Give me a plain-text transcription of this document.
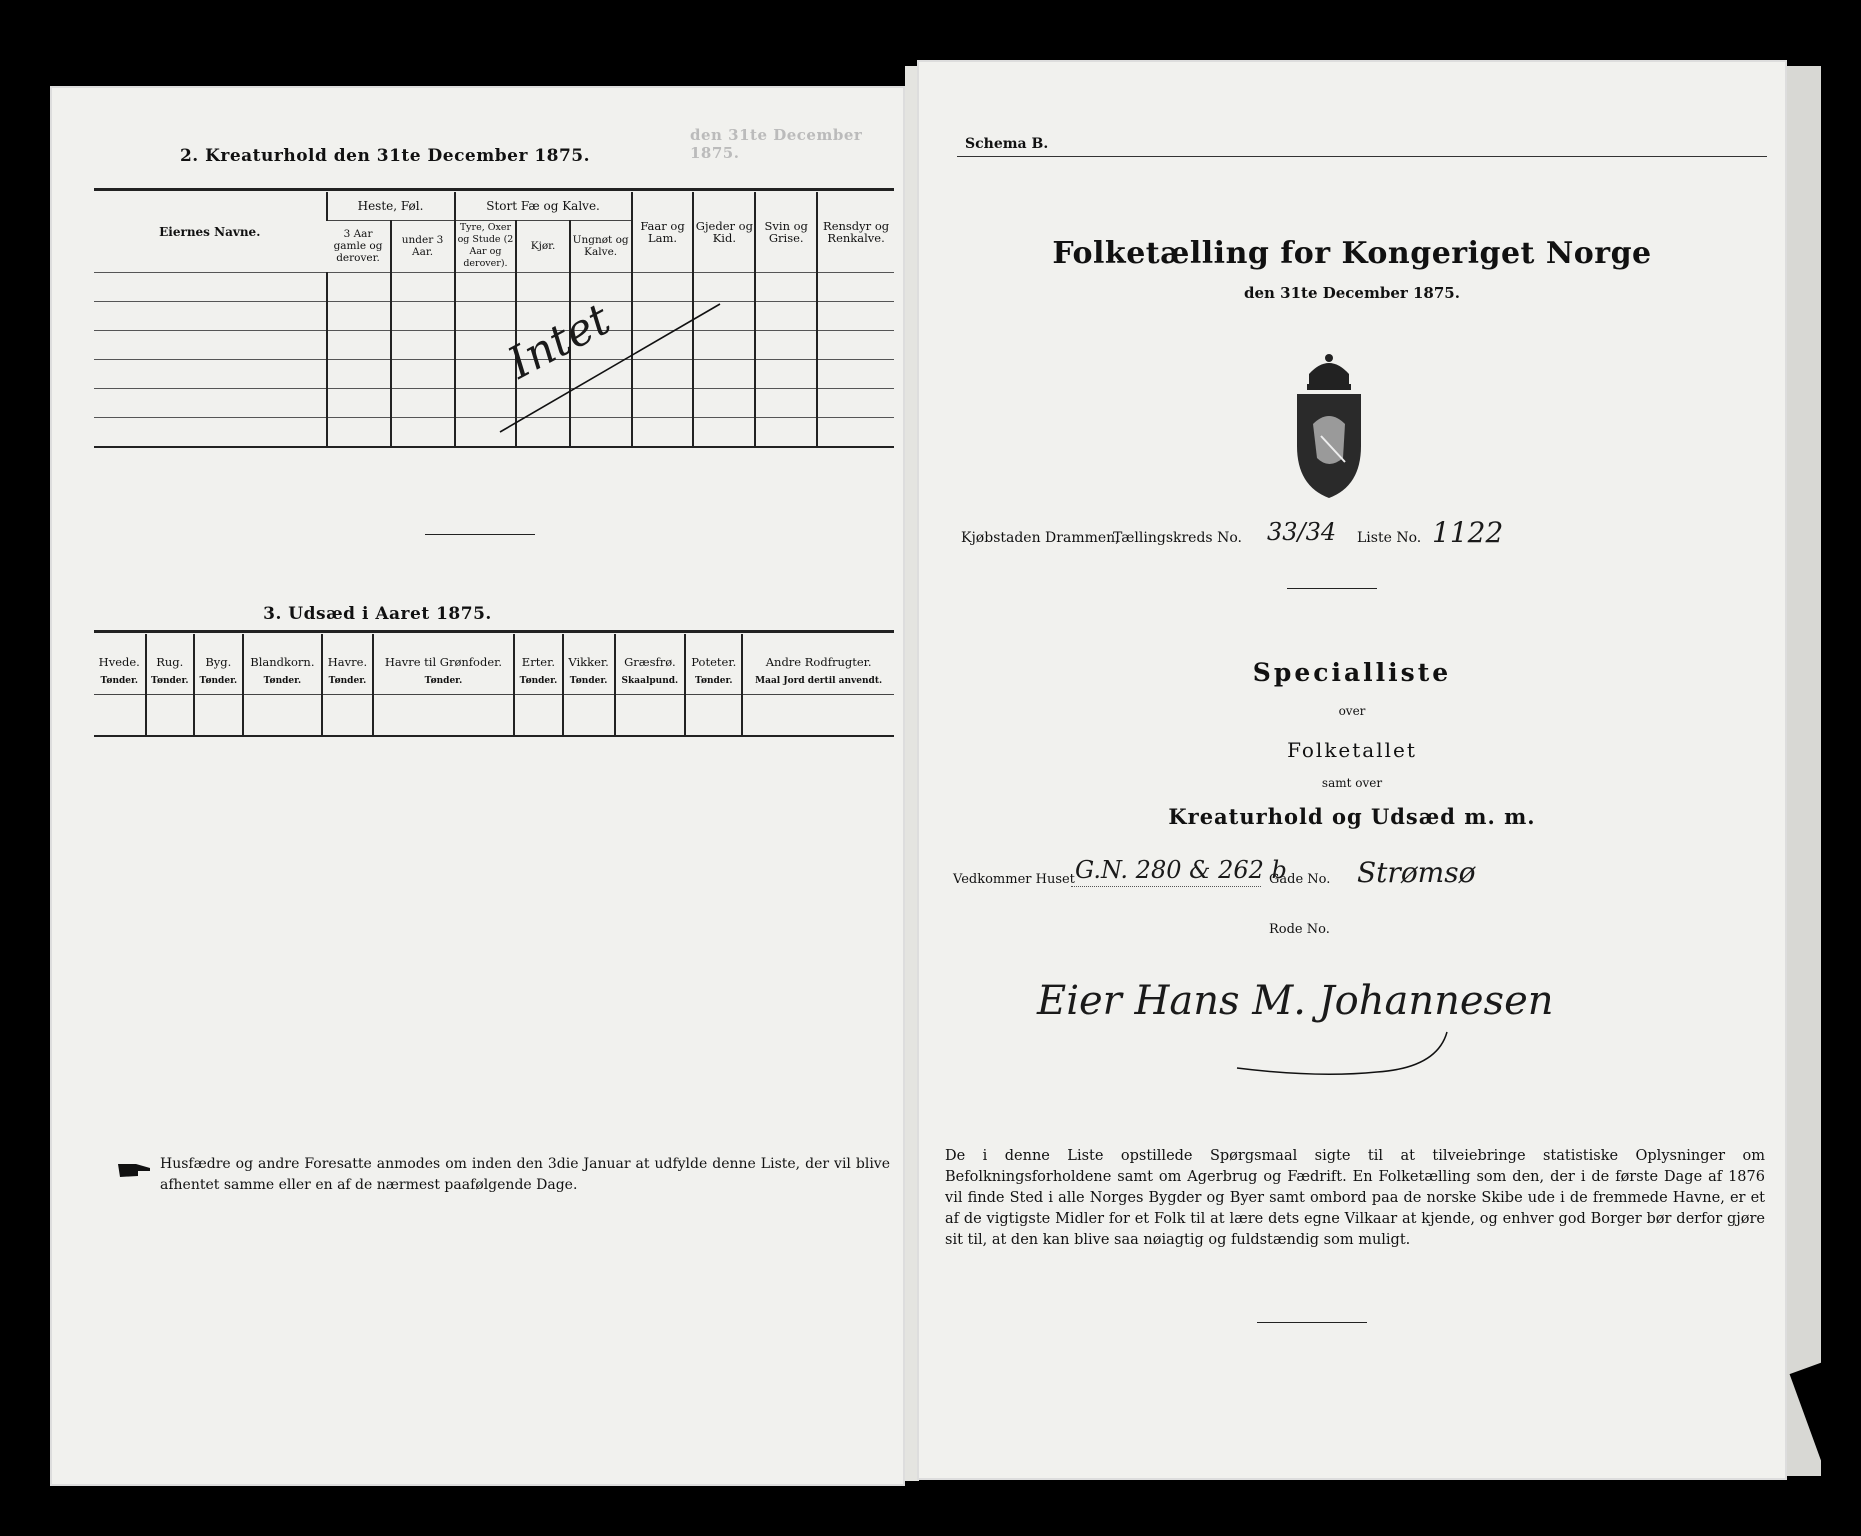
den 31te December 1875.
2. Kreaturhold den 31te December 1875.
Eiernes Navne.	Heste, Føl.		Stort Fæ og Kalve.			Faar og Lam.	Gjeder og Kid.	Svin og Grise.	Rensdyr og Renkalve.
	3 Aar gamle og derover.	under 3 Aar.	Tyre, Oxer og Stude (2 Aar og derover).	Kjør.	Ungnøt og Kalve.				

Intet
3. Udsæd i Aaret 1875.
Hvede.	Rug.	Byg.	Blandkorn.	Havre.	Havre til Grønfoder.	Erter.	Vikker.	Græsfrø.	Poteter.	Andre Rodfrugter.
Tønder.	Tønder.	Tønder.	Tønder.	Tønder.	Tønder.	Tønder.	Tønder.	Skaalpund.	Tønder.	Maal Jord dertil anvendt.

Husfædre og andre Foresatte anmodes om inden den 3die Januar at udfylde denne Liste, der vil blive afhentet samme eller en af de nærmest paafølgende Dage.
Schema B.
Folketælling for Kongeriget Norge
den 31te December 1875.
Kjøbstaden Drammen,
Tællingskreds No. 33/34 Liste No. 1122
Specialliste
over
Folketallet
samt over
Kreaturhold og Udsæd m. m.
Vedkommer Huset G.N. 280 & 262 b
Gade No. Strømsø
Rode No.
Eier Hans M. Johannesen
De i denne Liste opstillede Spørgsmaal sigte til at tilveiebringe statistiske Oplysninger om Befolkningsforholdene samt om Agerbrug og Fædrift. En Folketælling som den, der i de første Dage af 1876 vil finde Sted i alle Norges Bygder og Byer samt ombord paa de norske Skibe ude i de fremmede Havne, er et af de vigtigste Midler for et Folk til at lære dets egne Vilkaar at kjende, og enhver god Borger bør derfor gjøre sit til, at den kan blive saa nøiagtig og fuldstændig som muligt.
